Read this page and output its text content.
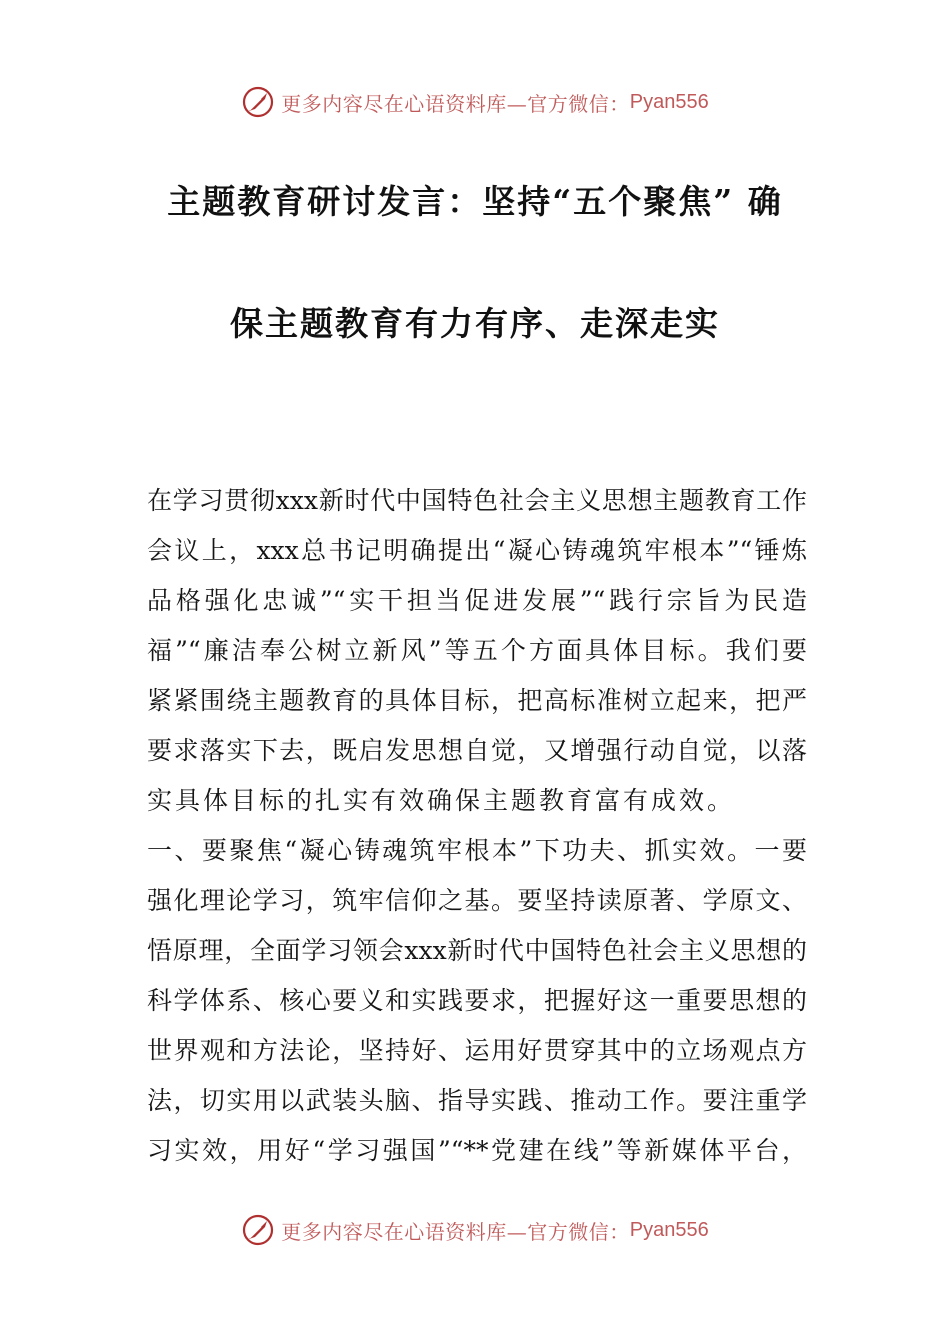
更多内容尽在心语资料库—官方微信： Pyan556
主题教育研讨发言：坚持“五个聚焦” 确
保主题教育有力有序、走深走实
在学习贯彻xxx新时代中国特色社会主义思想主题教育工作
会议上，xxx总书记明确提出“凝心铸魂筑牢根本”“锤炼
品格强化忠诚”“实干担当促进发展”“践行宗旨为民造
福”“廉洁奉公树立新风”等五个方面具体目标。我们要
紧紧围绕主题教育的具体目标，把高标准树立起来，把严
要求落实下去，既启发思想自觉，又增强行动自觉，以落
实具体目标的扎实有效确保主题教育富有成效。
一、要聚焦“凝心铸魂筑牢根本”下功夫、抓实效。一要
强化理论学习，筑牢信仰之基。要坚持读原著、学原文、
悟原理，全面学习领会xxx新时代中国特色社会主义思想的
科学体系、核心要义和实践要求，把握好这一重要思想的
世界观和方法论，坚持好、运用好贯穿其中的立场观点方
法，切实用以武装头脑、指导实践、推动工作。要注重学
习实效，用好“学习强国”“**党建在线”等新媒体平台，
更多内容尽在心语资料库—官方微信： Pyan556
